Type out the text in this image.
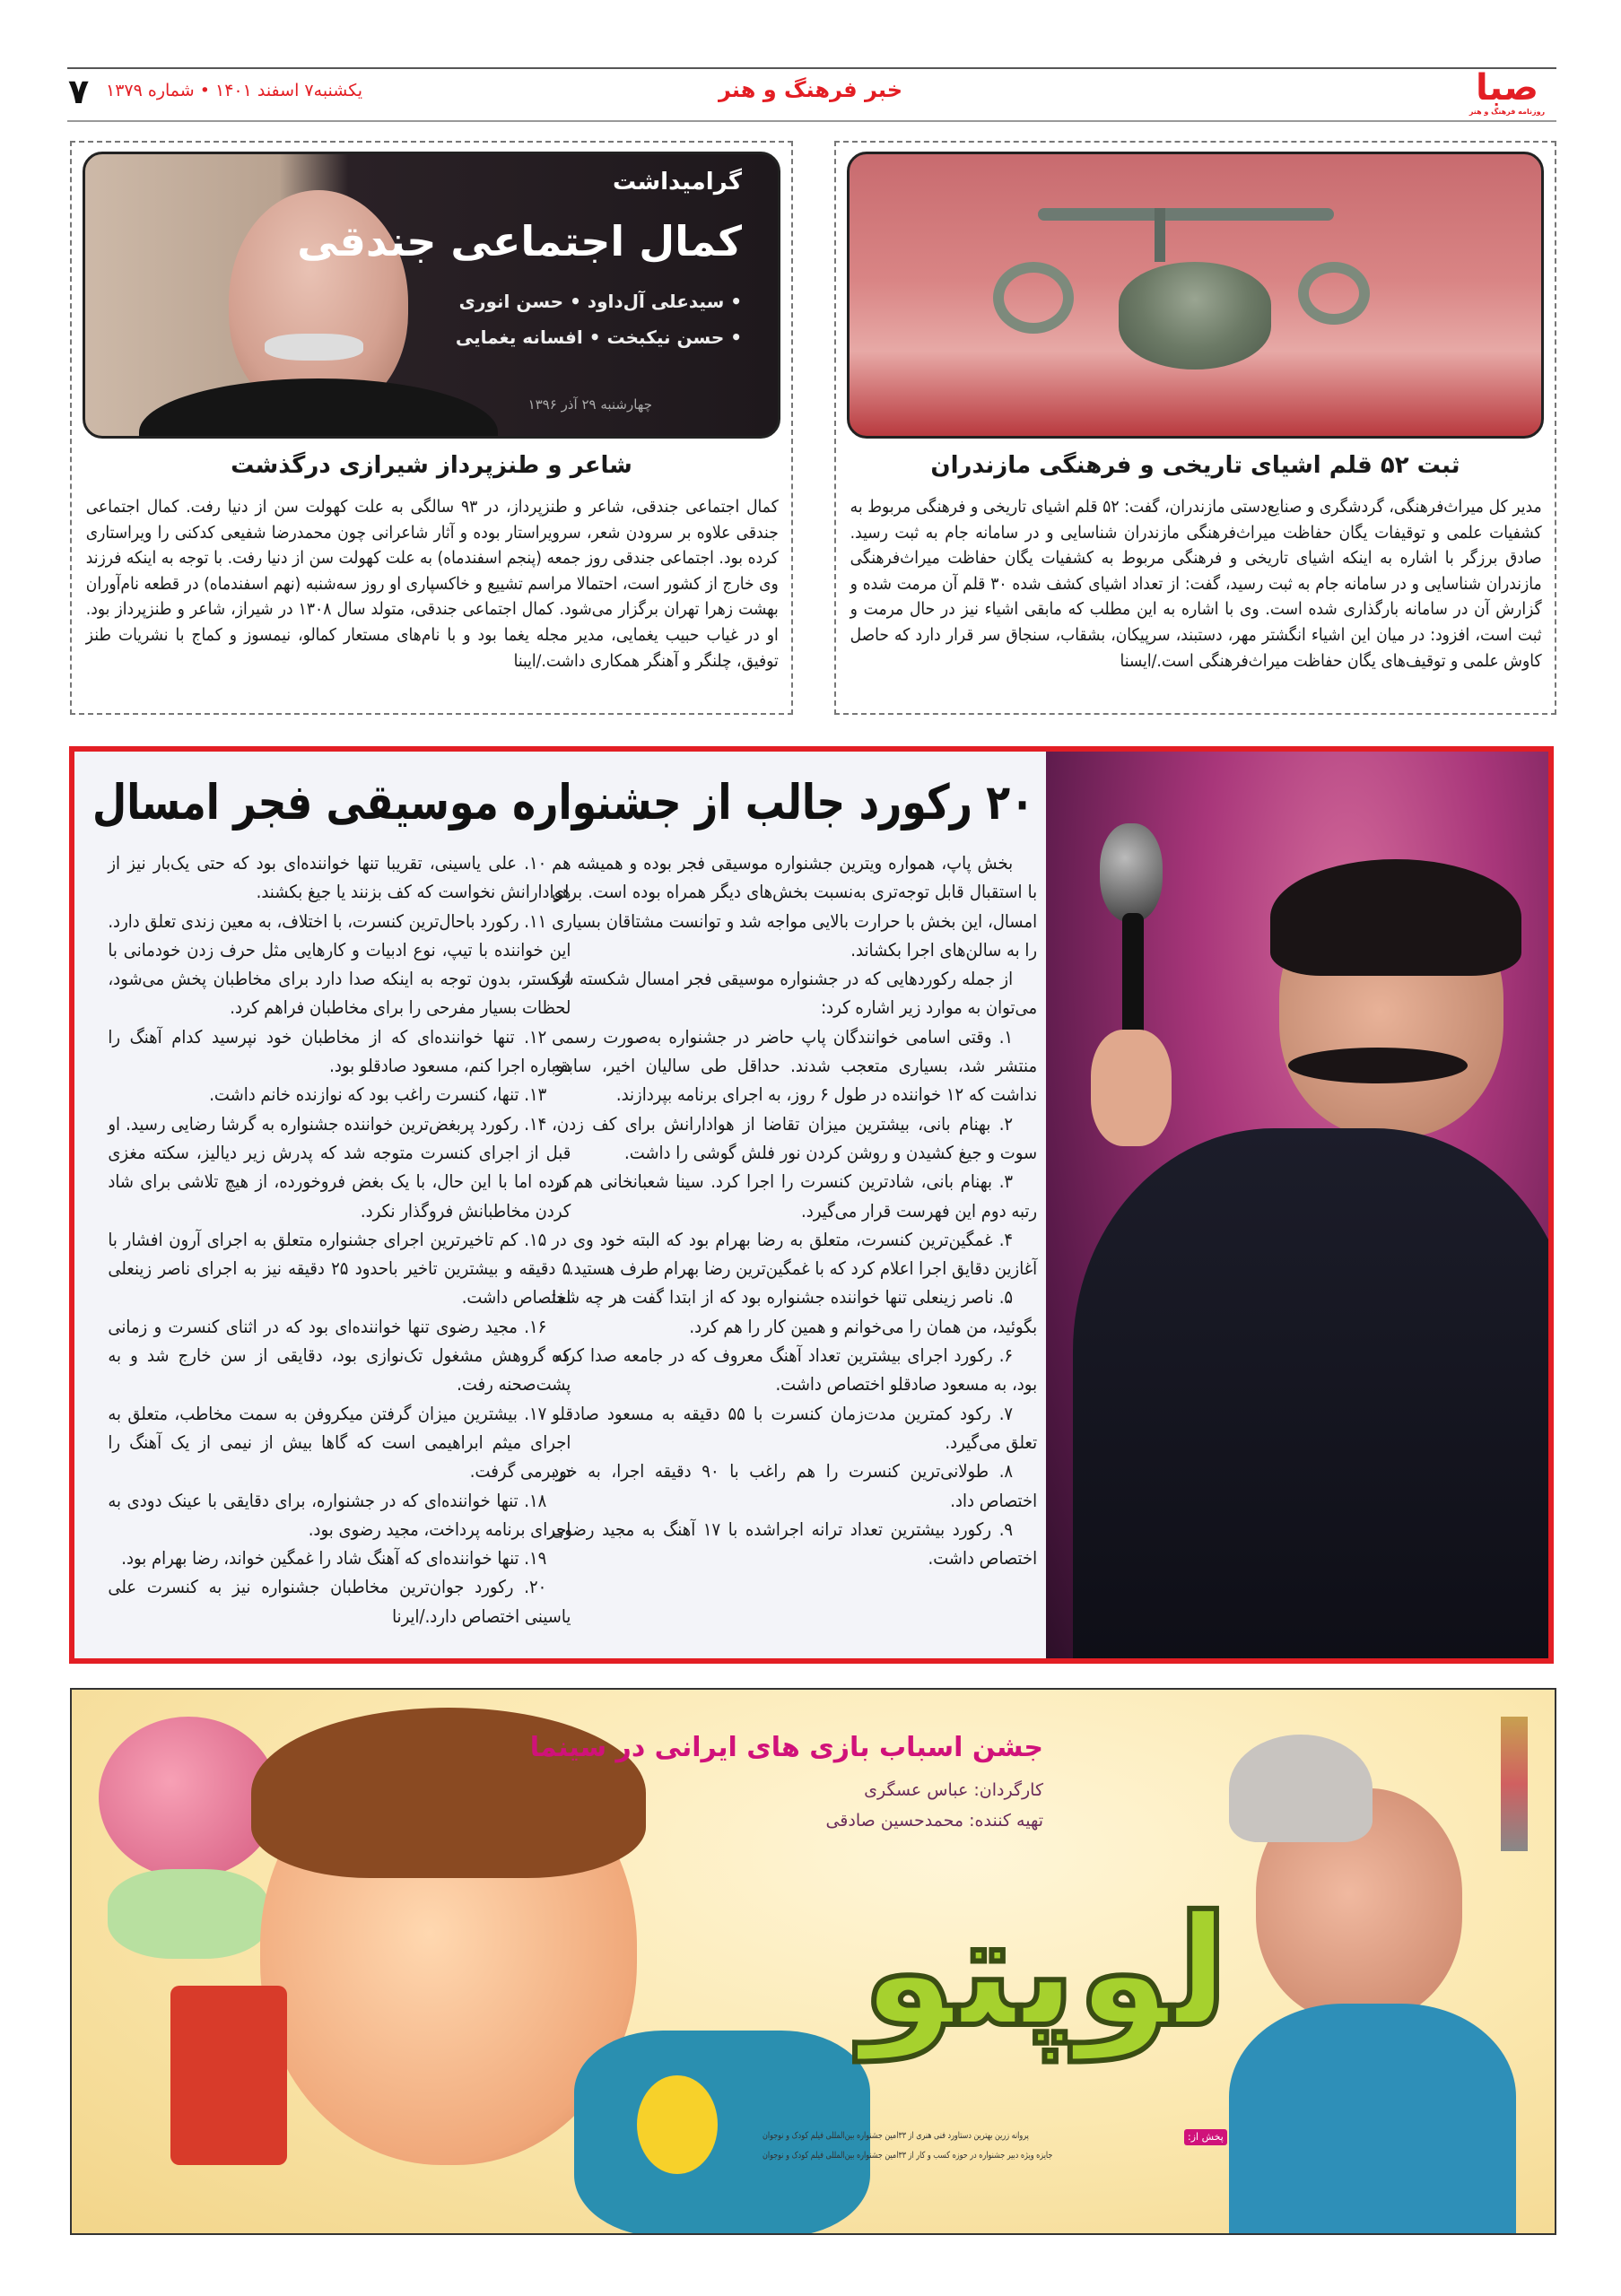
صبا
روزنامه فرهنگ و هنر
خبر فرهنگ و هنر
یکشنبه۷ اسفند ۱۴۰۱ • شماره ۱۳۷۹
۷
ثبت ۵۲ قلم اشیای تاریخی و فرهنگی مازندران
مدیر کل میراث‌فرهنگی، گردشگری و صنایع‌دستی مازندران، گفت: ۵۲ قلم اشیای تاریخی و فرهنگی مربوط به کشفیات علمی و توقیفات یگان حفاظت میراث‌فرهنگی مازندران شناسایی و در سامانه جام به ثبت رسید. صادق برزگر با اشاره به اینکه اشیای تاریخی و فرهنگی مربوط به کشفیات یگان حفاظت میراث‌فرهنگی مازندران شناسایی و در سامانه جام به ثبت رسید، گفت: از تعداد اشیای کشف شده ۳۰ قلم آن مرمت شده و گزارش آن در سامانه بارگذاری شده است. وی با اشاره به این مطلب که مابقی اشیاء نیز در حال مرمت و ثبت است، افزود: در میان این اشیاء انگشتر مهر، دستبند، سرپیکان، بشقاب، سنجاق سر قرار دارد که حاصل کاوش علمی و توقیف‌های یگان حفاظت میراث‌فرهنگی است./ایسنا
گرامیداشت
کمال اجتماعی جندقی
• سیدعلی آل‌داود • حسن انوری
• حسن نیکبخت • افسانه یغمایی
چهارشنبه ۲۹ آذر ۱۳۹۶
شاعر و طنزپرداز شیرازی درگذشت
کمال اجتماعی جندقی، شاعر و طنزپرداز، در ۹۳ سالگی به علت کهولت سن از دنیا رفت. کمال اجتماعی جندقی علاوه بر سرودن شعر، سرویراستار بوده و آثار شاعرانی چون محمدرضا شفیعی کدکنی را ویراستاری کرده بود. اجتماعی جندقی روز جمعه (پنجم اسفندماه) به علت کهولت سن از دنیا رفت. با توجه به اینکه فرزند وی خارج از کشور است، احتمالا مراسم تشییع و خاکسپاری او روز سه‌شنبه (نهم اسفندماه) در قطعه نام‌آوران بهشت زهرا تهران برگزار می‌شود. کمال اجتماعی جندقی، متولد سال ۱۳۰۸ در شیراز، شاعر و طنزپرداز بود. او در غیاب حبیب یغمایی، مدیر مجله یغما بود و با نام‌های مستعار کمالو، نیمسوز و کماج با نشریات طنز توفیق، چلنگر و آهنگر همکاری داشت./ایبنا
۲۰ رکورد جالب از جشنواره موسیقی فجر امسال

بخش پاپ، همواره ویترین جشنواره موسیقی فجر بوده و همیشه هم با استقبال قابل توجه‌تری به‌نسبت بخش‌های دیگر همراه بوده است. برای امسال، این بخش با حرارت بالایی مواجه شد و توانست مشتاقان بسیاری را به سالن‌های اجرا بکشاند.

از جمله رکوردهایی که در جشنواره موسیقی فجر امسال شکسته شد می‌توان به موارد زیر اشاره کرد:

۱. وقتی اسامی خوانندگان پاپ حاضر در جشنواره به‌صورت رسمی منتشر شد، بسیاری متعجب شدند. حداقل طی سالیان اخیر، سابقه نداشت که ۱۲ خواننده در طول ۶ روز، به اجرای برنامه بپردازند.

۲. بهنام بانی، بیشترین میزان تقاضا از هوادارانش برای کف زدن، سوت و جیغ کشیدن و روشن کردن نور فلش گوشی را داشت.

۳. بهنام بانی، شادترین کنسرت را اجرا کرد. سینا شعبانخانی هم در رتبه دوم این فهرست قرار می‌گیرد.

۴. غمگین‌ترین کنسرت، متعلق به رضا بهرام بود که البته خود وی در آغازین دقایق اجرا اعلام کرد که با غمگین‌ترین رضا بهرام طرف هستید.

۵. ناصر زینعلی تنها خواننده جشنواره بود که از ابتدا گفت هر چه شما بگوئید، من همان را می‌خوانم و همین کار را هم کرد.

۶. رکورد اجرای بیشترین تعداد آهنگ معروف که در جامعه صدا کرده بود، به مسعود صادقلو اختصاص داشت.

۷. رکود کمترین مدت‌زمان کنسرت با ۵۵ دقیقه به مسعود صادقلو تعلق می‌گیرد.

۸. طولانی‌ترین کنسرت را هم راغب با ۹۰ دقیقه اجرا، به خود اختصاص داد.

۹. رکورد بیشترین تعداد ترانه اجراشده با ۱۷ آهنگ به مجید رضوی اختصاص داشت.

۱۰. علی یاسینی، تقریبا تنها خواننده‌ای بود که حتی یک‌بار نیز از هوادارانش نخواست که کف بزنند یا جیغ بکشند.

۱۱. رکورد باحال‌ترین کنسرت، با اختلاف، به معین زندی تعلق دارد. این خواننده با تیپ، نوع ادبیات و کارهایی مثل حرف زدن خودمانی با ارکستر، بدون توجه به اینکه صدا دارد برای مخاطبان پخش می‌شود، لحظات بسیار مفرحی را برای مخاطبان فراهم کرد.

۱۲. تنها خواننده‌ای که از مخاطبان خود نپرسید کدام آهنگ را دوباره اجرا کنم، مسعود صادقلو بود.

۱۳. تنها، کنسرت راغب بود که نوازنده خانم داشت.

۱۴. رکورد پربغض‌ترین خواننده جشنواره به گرشا رضایی رسید. او قبل از اجرای کنسرت متوجه شد که پدرش زیر دیالیز، سکته مغزی کرده اما با این حال، با یک بغض فروخورده، از هیچ تلاشی برای شاد کردن مخاطبانش فروگذار نکرد.

۱۵. کم تاخیرترین اجرای جشنواره متعلق به اجرای آرون افشار با ۵ دقیقه و بیشترین تاخیر باحدود ۲۵ دقیقه نیز به اجرای ناصر زینعلی اختصاص داشت.

۱۶. مجید رضوی تنها خواننده‌ای بود که در اثنای کنسرت و زمانی که گروهش مشغول تک‌نوازی بود، دقایقی از سن خارج شد و به پشت‌صحنه رفت.

۱۷. بیشترین میزان گرفتن میکروفن به سمت مخاطب، متعلق به اجرای میثم ابراهیمی است که گاها بیش از نیمی از یک آهنگ را دربرمی گرفت.

۱۸. تنها خواننده‌ای که در جشنواره، برای دقایقی با عینک دودی به اجرای برنامه پرداخت، مجید رضوی بود.

۱۹. تنها خواننده‌ای که آهنگ شاد را غمگین خواند، رضا بهرام بود.

۲۰. رکورد جوان‌ترین مخاطبان جشنواره نیز به کنسرت علی یاسینی اختصاص دارد./ایرنا

لوپتو
جشن اسباب بازی های ایرانی در سینما
کارگردان: عباس عسگری
تهیه کننده: محمدحسین صادقی
پروانه زرین بهترین دستاورد فنی هنری از ۳۳امین جشنواره بین‌المللی فیلم کودک و نوجوان
جایزه ویژه دبیر جشنواره در حوزه کسب و کار از ۳۳امین جشنواره بین‌المللی فیلم کودک و نوجوان
پخش از:
